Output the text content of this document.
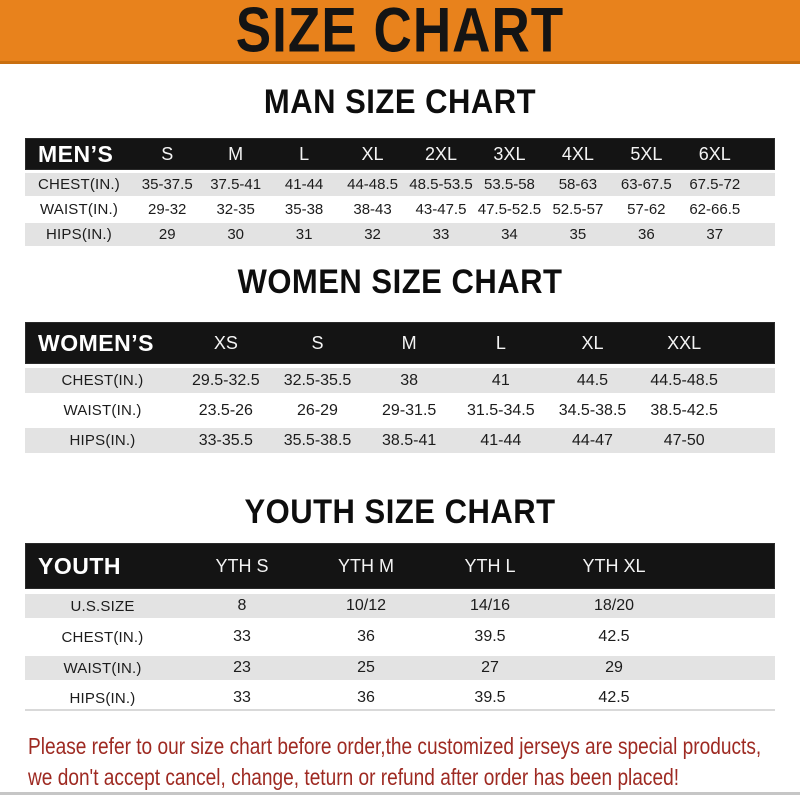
SIZE CHART
MAN SIZE CHART
MEN’S	S	M	L	XL	2XL	3XL	4XL	5XL	6XL
CHEST(IN.)	35-37.5	37.5-41	41-44	44-48.5 48.5-53.5 53.5-58	58-63	63-67.5	67.5-72
WAIST(IN.)	29-32	32-35	35-38	38-43	43-47.5 47.5-52.5 52.5-57	57-62	62-66.5
HIPS(IN.)	29	30	31	32	33	34	35	36	37
WOMEN SIZE CHART
WOMEN’S	XS	S	M	L	XL	XXL
CHEST(IN.)	29.5-32.5	32.5-35.5	38	41	44.5	44.5-48.5
WAIST(IN.)	23.5-26	26-29	29-31.5	31.5-34.5	34.5-38.5	38.5-42.5
HIPS(IN.)	33-35.5	35.5-38.5	38.5-41	41-44	44-47	47-50
YOUTH SIZE CHART
YOUTH	YTH S	YTH M	YTH L	YTH XL
U.S.SIZE	8	10/12	14/16	18/20
CHEST(IN.)	33	36	39.5	42.5
WAIST(IN.)	23	25	27	29
HIPS(IN.)	33	36	39.5	42.5
Please refer to our size chart before order,the customized jerseys are special products,
we don't accept cancel, change, teturn or refund after order has been placed!
